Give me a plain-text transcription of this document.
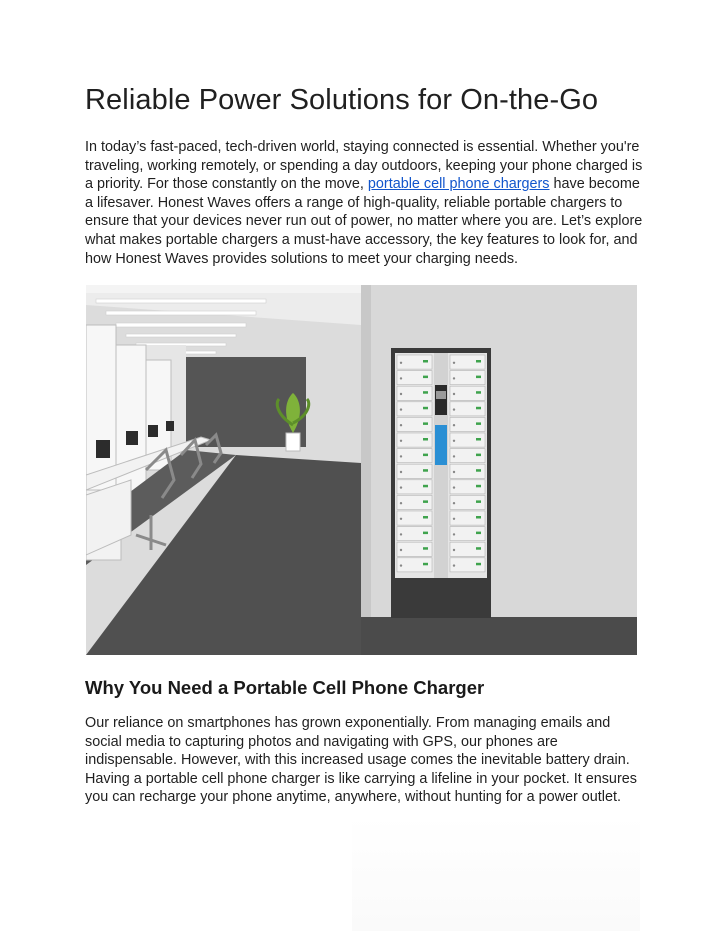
Reliable Power Solutions for On-the-Go

In today’s fast-paced, tech-driven world, staying connected is essential. Whether you're traveling, working remotely, or spending a day outdoors, keeping your phone charged is a priority. For those constantly on the move, portable cell phone chargers have become a lifesaver. Honest Waves offers a range of high-quality, reliable portable chargers to ensure that your devices never run out of power, no matter where you are. Let’s explore what makes portable chargers a must-have accessory, the key features to look for, and how Honest Waves provides solutions to meet your charging needs.

Why You Need a Portable Cell Phone Charger

Our reliance on smartphones has grown exponentially. From managing emails and social media to capturing photos and navigating with GPS, our phones are indispensable. However, with this increased usage comes the inevitable battery drain. Having a portable cell phone charger is like carrying a lifeline in your pocket. It ensures you can recharge your phone anytime, anywhere, without hunting for a power outlet.
